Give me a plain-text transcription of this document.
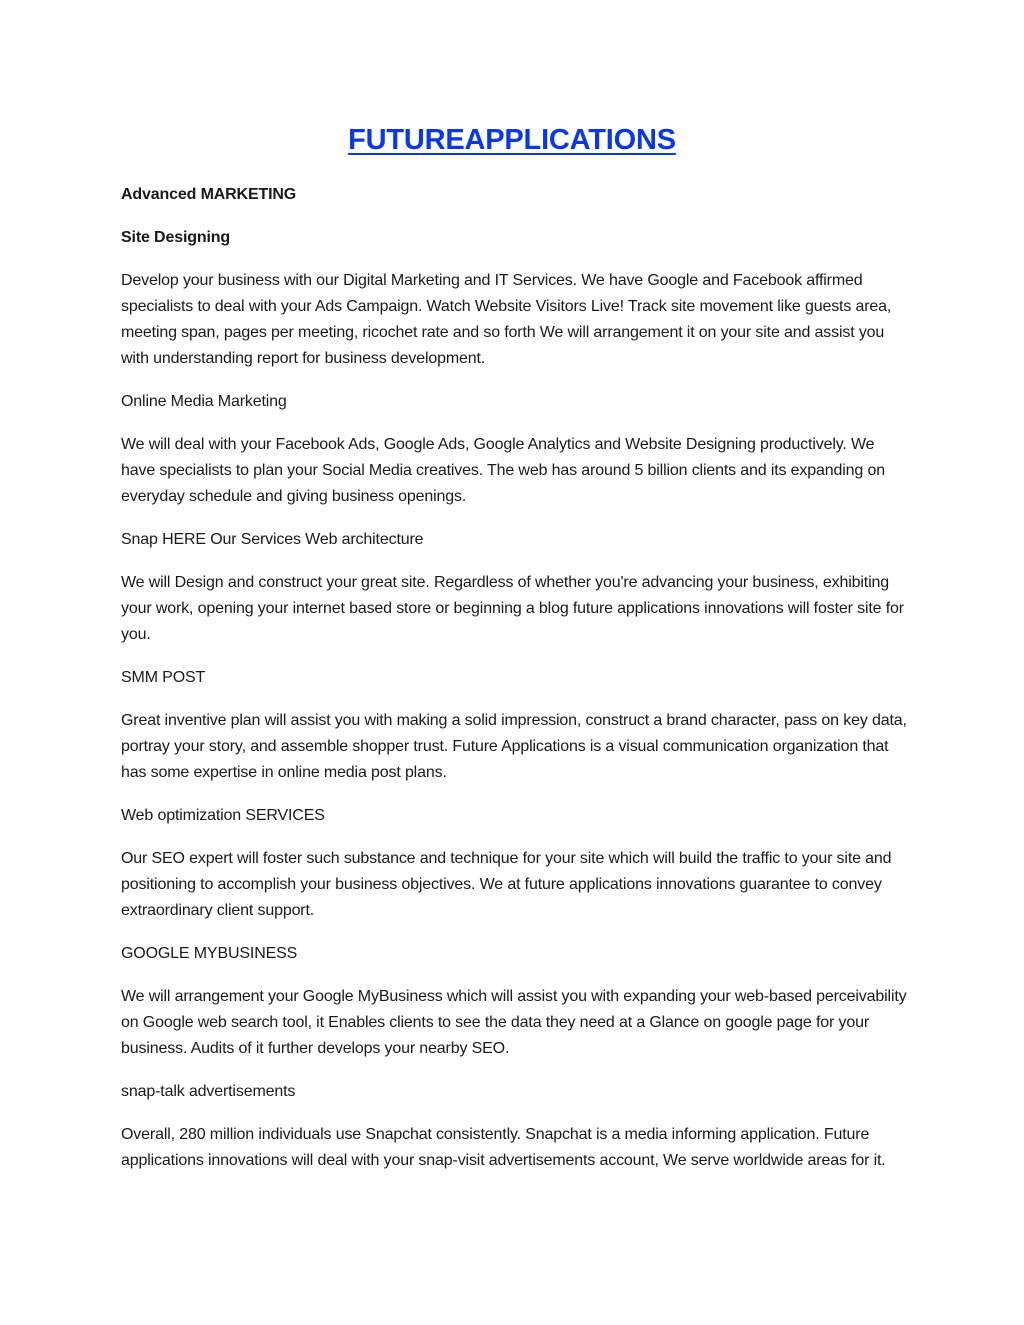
FUTUREAPPLICATIONS

Advanced MARKETING

Site Designing

Develop your business with our Digital Marketing and IT Services. We have Google and Facebook affirmed specialists to deal with your Ads Campaign. Watch Website Visitors Live! Track site movement like guests area, meeting span, pages per meeting, ricochet rate and so forth We will arrangement it on your site and assist you with understanding report for business development.

Online Media Marketing

We will deal with your Facebook Ads, Google Ads, Google Analytics and Website Designing productively. We have specialists to plan your Social Media creatives. The web has around 5 billion clients and its expanding on everyday schedule and giving business openings.

Snap HERE Our Services Web architecture

We will Design and construct your great site. Regardless of whether you're advancing your business, exhibiting your work, opening your internet based store or beginning a blog future applications innovations will foster site for you.

SMM POST

Great inventive plan will assist you with making a solid impression, construct a brand character, pass on key data, portray your story, and assemble shopper trust. Future Applications is a visual communication organization that has some expertise in online media post plans.

Web optimization SERVICES

Our SEO expert will foster such substance and technique for your site which will build the traffic to your site and positioning to accomplish your business objectives. We at future applications innovations guarantee to convey extraordinary client support.

GOOGLE MYBUSINESS

We will arrangement your Google MyBusiness which will assist you with expanding your web-based perceivability on Google web search tool, it Enables clients to see the data they need at a Glance on google page for your business. Audits of it further develops your nearby SEO.

snap-talk advertisements

Overall, 280 million individuals use Snapchat consistently. Snapchat is a media informing application. Future applications innovations will deal with your snap-visit advertisements account, We serve worldwide areas for it.
